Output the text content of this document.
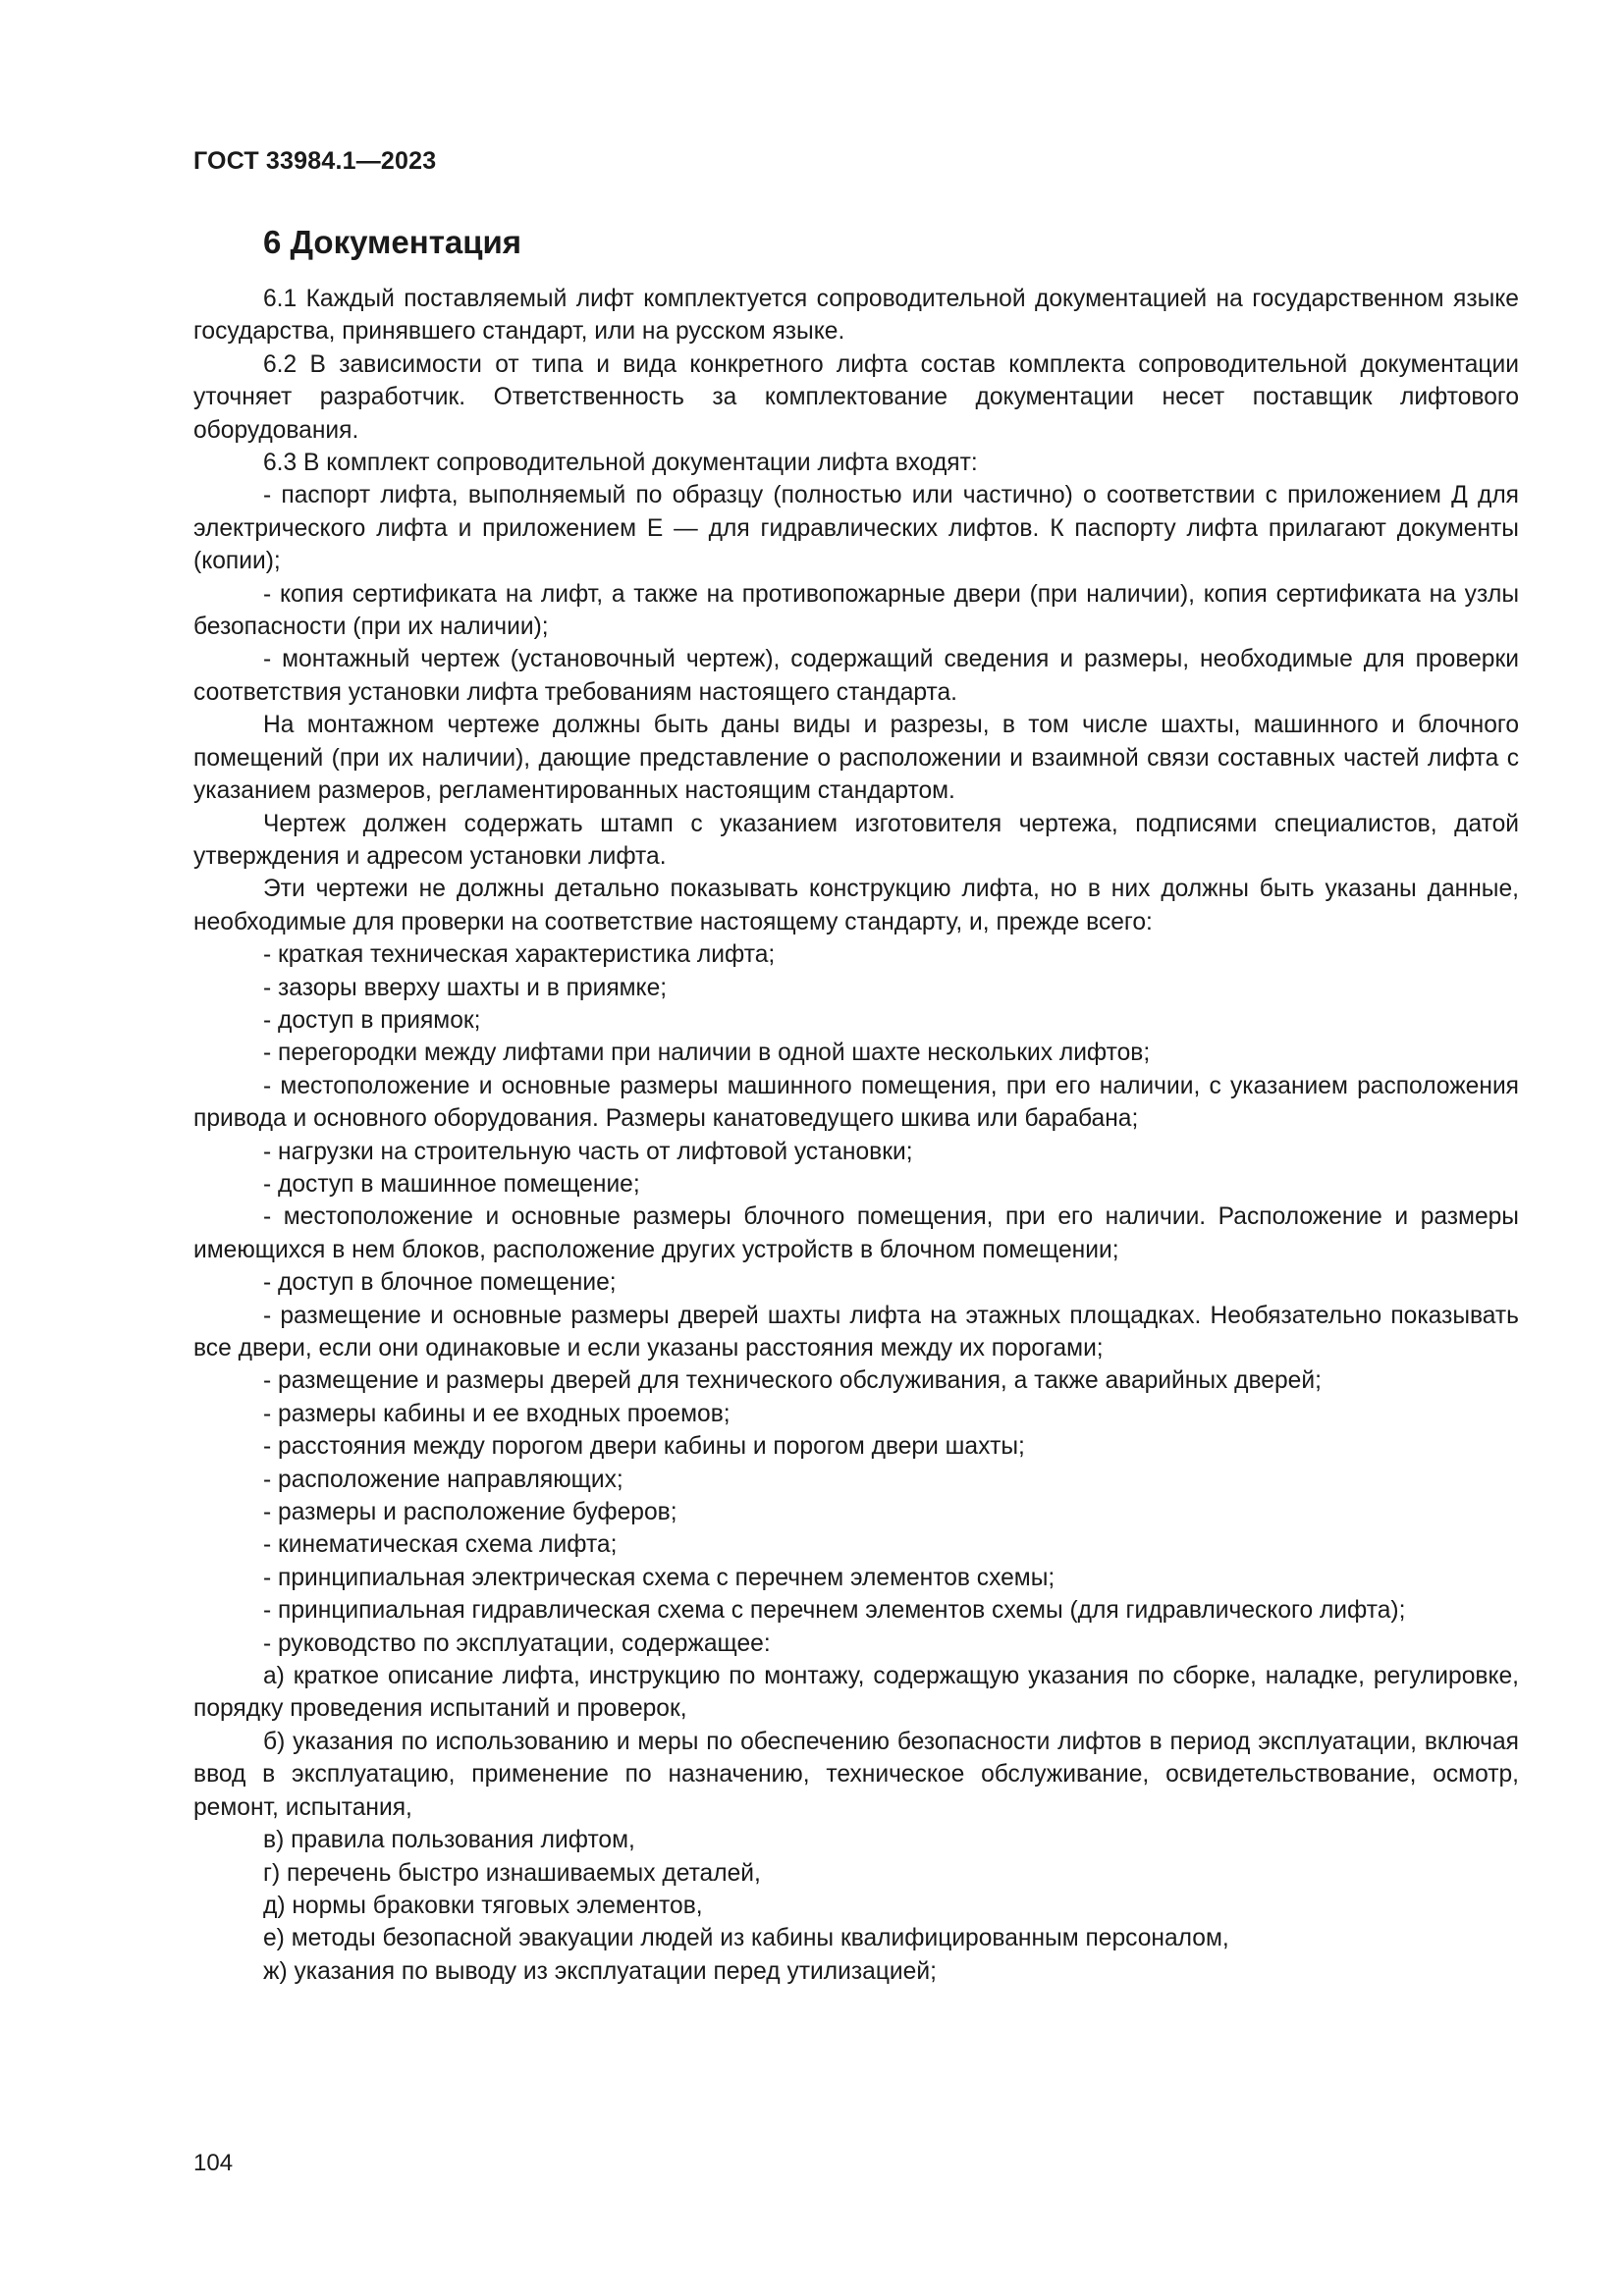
ГОСТ 33984.1—2023
6 Документация

6.1 Каждый поставляемый лифт комплектуется сопроводительной документацией на государственном языке государства, принявшего стандарт, или на русском языке.

6.2 В зависимости от типа и вида конкретного лифта состав комплекта сопроводительной документации уточняет разработчик. Ответственность за комплектование документации несет поставщик лифтового оборудования.

6.3 В комплект сопроводительной документации лифта входят:

- паспорт лифта, выполняемый по образцу (полностью или частично) о соответствии с приложением Д для электрического лифта и приложением Е — для гидравлических лифтов. К паспорту лифта прилагают документы (копии);

- копия сертификата на лифт, а также на противопожарные двери (при наличии), копия сертификата на узлы безопасности (при их наличии);

- монтажный чертеж (установочный чертеж), содержащий сведения и размеры, необходимые для проверки соответствия установки лифта требованиям настоящего стандарта.

На монтажном чертеже должны быть даны виды и разрезы, в том числе шахты, машинного и блочного помещений (при их наличии), дающие представление о расположении и взаимной связи составных частей лифта с указанием размеров, регламентированных настоящим стандартом.

Чертеж должен содержать штамп с указанием изготовителя чертежа, подписями специалистов, датой утверждения и адресом установки лифта.

Эти чертежи не должны детально показывать конструкцию лифта, но в них должны быть указаны данные, необходимые для проверки на соответствие настоящему стандарту, и, прежде всего:

- краткая техническая характеристика лифта;

- зазоры вверху шахты и в приямке;

- доступ в приямок;

- перегородки между лифтами при наличии в одной шахте нескольких лифтов;

- местоположение и основные размеры машинного помещения, при его наличии, с указанием расположения привода и основного оборудования. Размеры канатоведущего шкива или барабана;

- нагрузки на строительную часть от лифтовой установки;

- доступ в машинное помещение;

- местоположение и основные размеры блочного помещения, при его наличии. Расположение и размеры имеющихся в нем блоков, расположение других устройств в блочном помещении;

- доступ в блочное помещение;

- размещение и основные размеры дверей шахты лифта на этажных площадках. Необязательно показывать все двери, если они одинаковые и если указаны расстояния между их порогами;

- размещение и размеры дверей для технического обслуживания, а также аварийных дверей;

- размеры кабины и ее входных проемов;

- расстояния между порогом двери кабины и порогом двери шахты;

- расположение направляющих;

- размеры и расположение буферов;

- кинематическая схема лифта;

- принципиальная электрическая схема с перечнем элементов схемы;

- принципиальная гидравлическая схема с перечнем элементов схемы (для гидравлического лифта);

- руководство по эксплуатации, содержащее:

а) краткое описание лифта, инструкцию по монтажу, содержащую указания по сборке, наладке, регулировке, порядку проведения испытаний и проверок,

б) указания по использованию и меры по обеспечению безопасности лифтов в период эксплуатации, включая ввод в эксплуатацию, применение по назначению, техническое обслуживание, освидетельствование, осмотр, ремонт, испытания,

в) правила пользования лифтом,

г) перечень быстро изнашиваемых деталей,

д) нормы браковки тяговых элементов,

е) методы безопасной эвакуации людей из кабины квалифицированным персоналом,

ж) указания по выводу из эксплуатации перед утилизацией;

104
